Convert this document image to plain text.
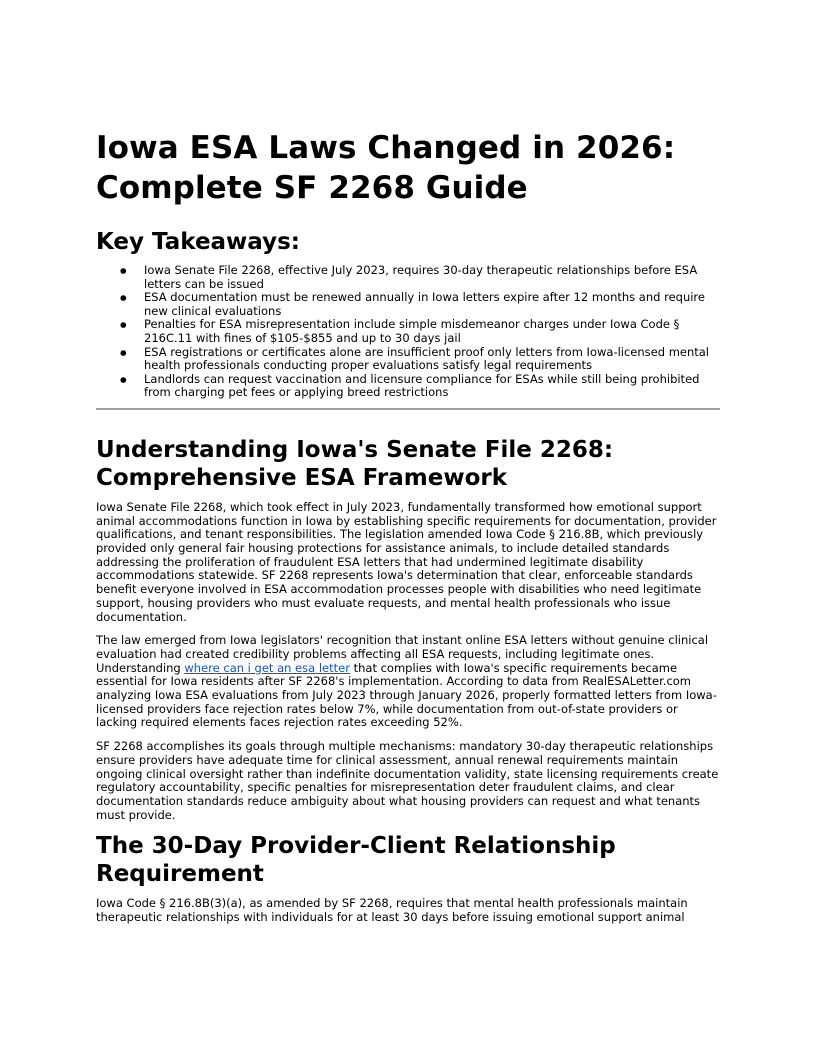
Iowa ESA Laws Changed in 2026: Complete SF 2268 Guide
Key Takeaways:
● Iowa Senate File 2268, effective July 2023, requires 30-day therapeutic relationships before ESA letters can be issued
● ESA documentation must be renewed annually in Iowa letters expire after 12 months and require new clinical evaluations
● Penalties for ESA misrepresentation include simple misdemeanor charges under Iowa Code § 216C.11 with fines of $105-$855 and up to 30 days jail
● ESA registrations or certificates alone are insufficient proof only letters from Iowa-licensed mental health professionals conducting proper evaluations satisfy legal requirements
● Landlords can request vaccination and licensure compliance for ESAs while still being prohibited from charging pet fees or applying breed restrictions
Understanding Iowa's Senate File 2268: Comprehensive ESA Framework

Iowa Senate File 2268, which took effect in July 2023, fundamentally transformed how emotional support animal accommodations function in Iowa by establishing specific requirements for documentation, provider qualifications, and tenant responsibilities. The legislation amended Iowa Code § 216.8B, which previously provided only general fair housing protections for assistance animals, to include detailed standards addressing the proliferation of fraudulent ESA letters that had undermined legitimate disability accommodations statewide. SF 2268 represents Iowa's determination that clear, enforceable standards benefit everyone involved in ESA accommodation processes people with disabilities who need legitimate support, housing providers who must evaluate requests, and mental health professionals who issue documentation.

The law emerged from Iowa legislators' recognition that instant online ESA letters without genuine clinical evaluation had created credibility problems affecting all ESA requests, including legitimate ones. Understanding where can i get an esa letter that complies with Iowa's specific requirements became essential for Iowa residents after SF 2268's implementation. According to data from RealESALetter.com analyzing Iowa ESA evaluations from July 2023 through January 2026, properly formatted letters from Iowa-licensed providers face rejection rates below 7%, while documentation from out-of-state providers or lacking required elements faces rejection rates exceeding 52%.

SF 2268 accomplishes its goals through multiple mechanisms: mandatory 30-day therapeutic relationships ensure providers have adequate time for clinical assessment, annual renewal requirements maintain ongoing clinical oversight rather than indefinite documentation validity, state licensing requirements create regulatory accountability, specific penalties for misrepresentation deter fraudulent claims, and clear documentation standards reduce ambiguity about what housing providers can request and what tenants must provide.

The 30-Day Provider-Client Relationship Requirement

Iowa Code § 216.8B(3)(a), as amended by SF 2268, requires that mental health professionals maintain therapeutic relationships with individuals for at least 30 days before issuing emotional support animal
